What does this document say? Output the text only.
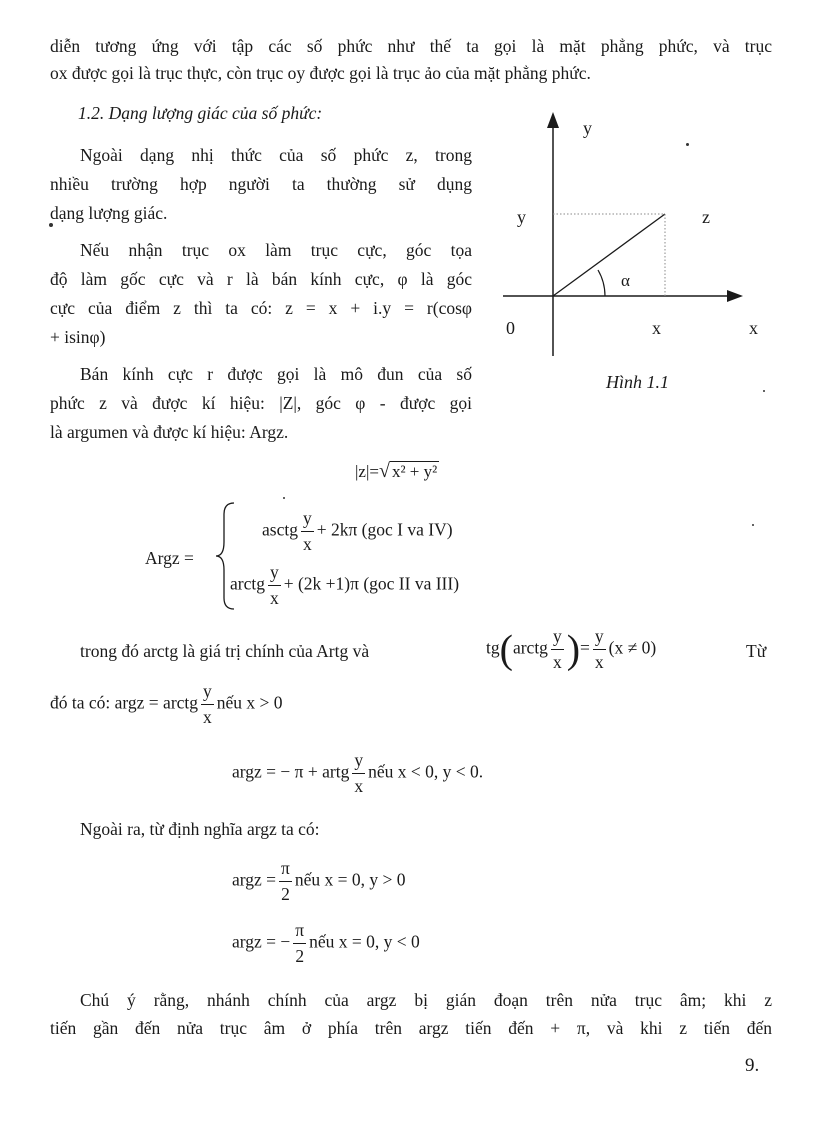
diễn tương ứng với tập các số phức như thế ta gọi là mặt phẳng phức, và trục
ox được gọi là trục thực, còn trục oy được gọi là trục ảo của mặt phẳng phức.
1.2. Dạng lượng giác của số phức:
Ngoài dạng nhị thức của số phức z, trong
nhiều trường hợp người ta thường sử dụng
dạng lượng giác.
Nếu nhận trục ox làm trục cực, góc tọa
độ làm gốc cực và r là bán kính cực, φ là góc
cực của điểm z thì ta có: z = x + i.y = r(cosφ
+ isinφ)
Bán kính cực r được gọi là mô đun của số
phức z và được kí hiệu: |Z|, góc φ - được gọi
là argumen và được kí hiệu: Argz.
y
y	z
α
0	x	x
Hình 1.1
|z|=√ x² + y²
Argz =
asctg $\frac{y}{x} + 2k\pi$ (goc I va IV)
arctg $\frac{y}{x} + (2k +1)\pi$ (goc II va III)
trong đó arctg là giá trị chính của Artg và	tg(arctg $\frac{y}{x}$ )= $\frac{y}{x} (x \ne 0)$	Từ
đó ta có: argz = arctg $\frac{y}{x}$ nếu x > 0
argz = − π + artg $\frac{y}{x}$ nếu x < 0, y < 0.
Ngoài ra, từ định nghĩa argz ta có:
argz = $\frac{\pi}{2}$ nếu x = 0, y > 0
argz = − $\frac{\pi}{2}$ nếu x = 0, y < 0
Chú ý rằng, nhánh chính của argz bị gián đoạn trên nửa trục âm; khi z
tiến gần đến nửa trục âm ở phía trên argz tiến đến + π, và khi z tiến đến
9.
